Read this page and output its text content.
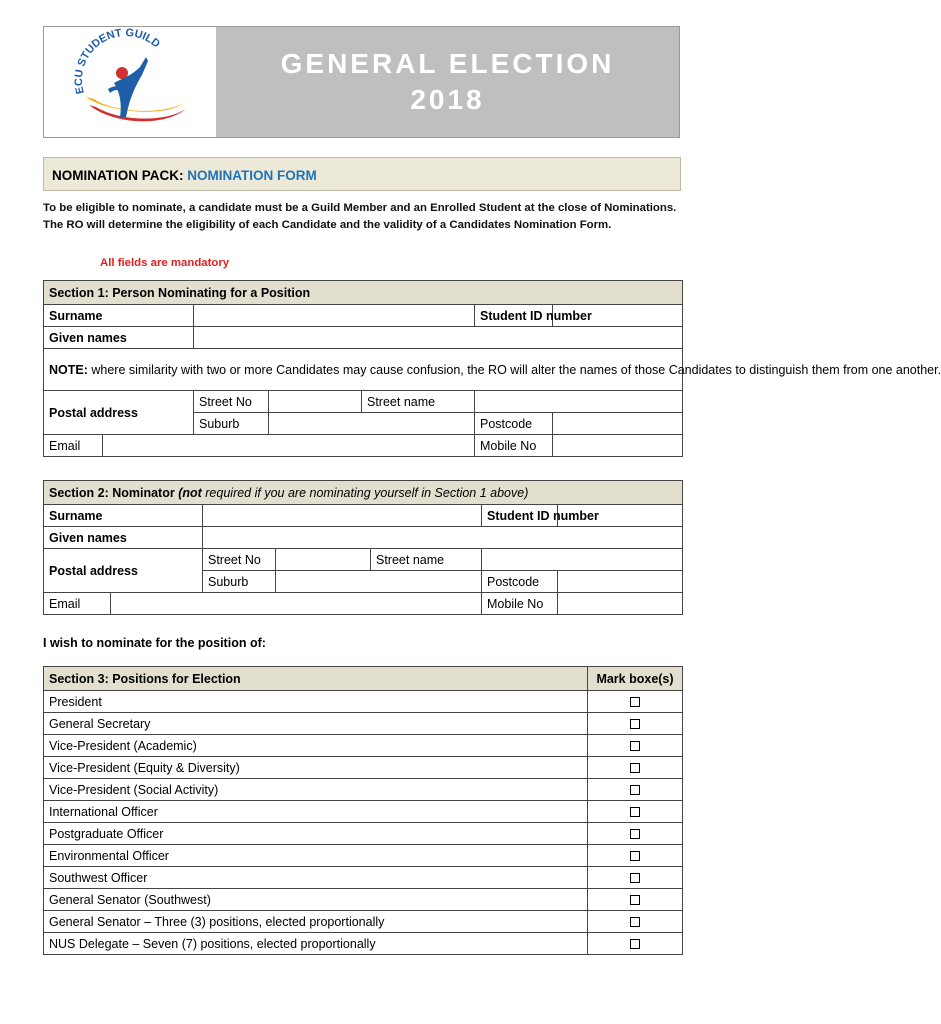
ECU STUDENT GUILD
GENERAL ELECTION
2018
NOMINATION PACK: NOMINATION FORM
To be eligible to nominate, a candidate must be a Guild Member and an Enrolled Student at the close of Nominations.
The RO will determine the eligibility of each Candidate and the validity of a Candidates Nomination Form.
All fields are mandatory
Section 1: Person Nominating for a Position						
Surname					Student ID number	
Given names						
NOTE: where similarity with two or more Candidates may cause confusion, the RO will alter the names of those Candidates to distinguish them from one another.						
Postal address		Street No		Street name		
		Suburb			Postcode	
Email					Mobile No	
Section 2: Nominator (not required if you are nominating yourself in Section 1 above)						
Surname					Student ID number	
Given names						
Postal address		Street No		Street name		
		Suburb			Postcode	
Email					Mobile No	
I wish to nominate for the position of:
Section 3: Positions for Election	Mark boxe(s)
President	
General Secretary	
Vice-President (Academic)	
Vice-President (Equity & Diversity)	
Vice-President (Social Activity)	
International Officer	
Postgraduate Officer	
Environmental Officer	
Southwest Officer	
General Senator (Southwest)	
General Senator – Three (3) positions, elected proportionally	
NUS Delegate – Seven (7) positions, elected proportionally	
